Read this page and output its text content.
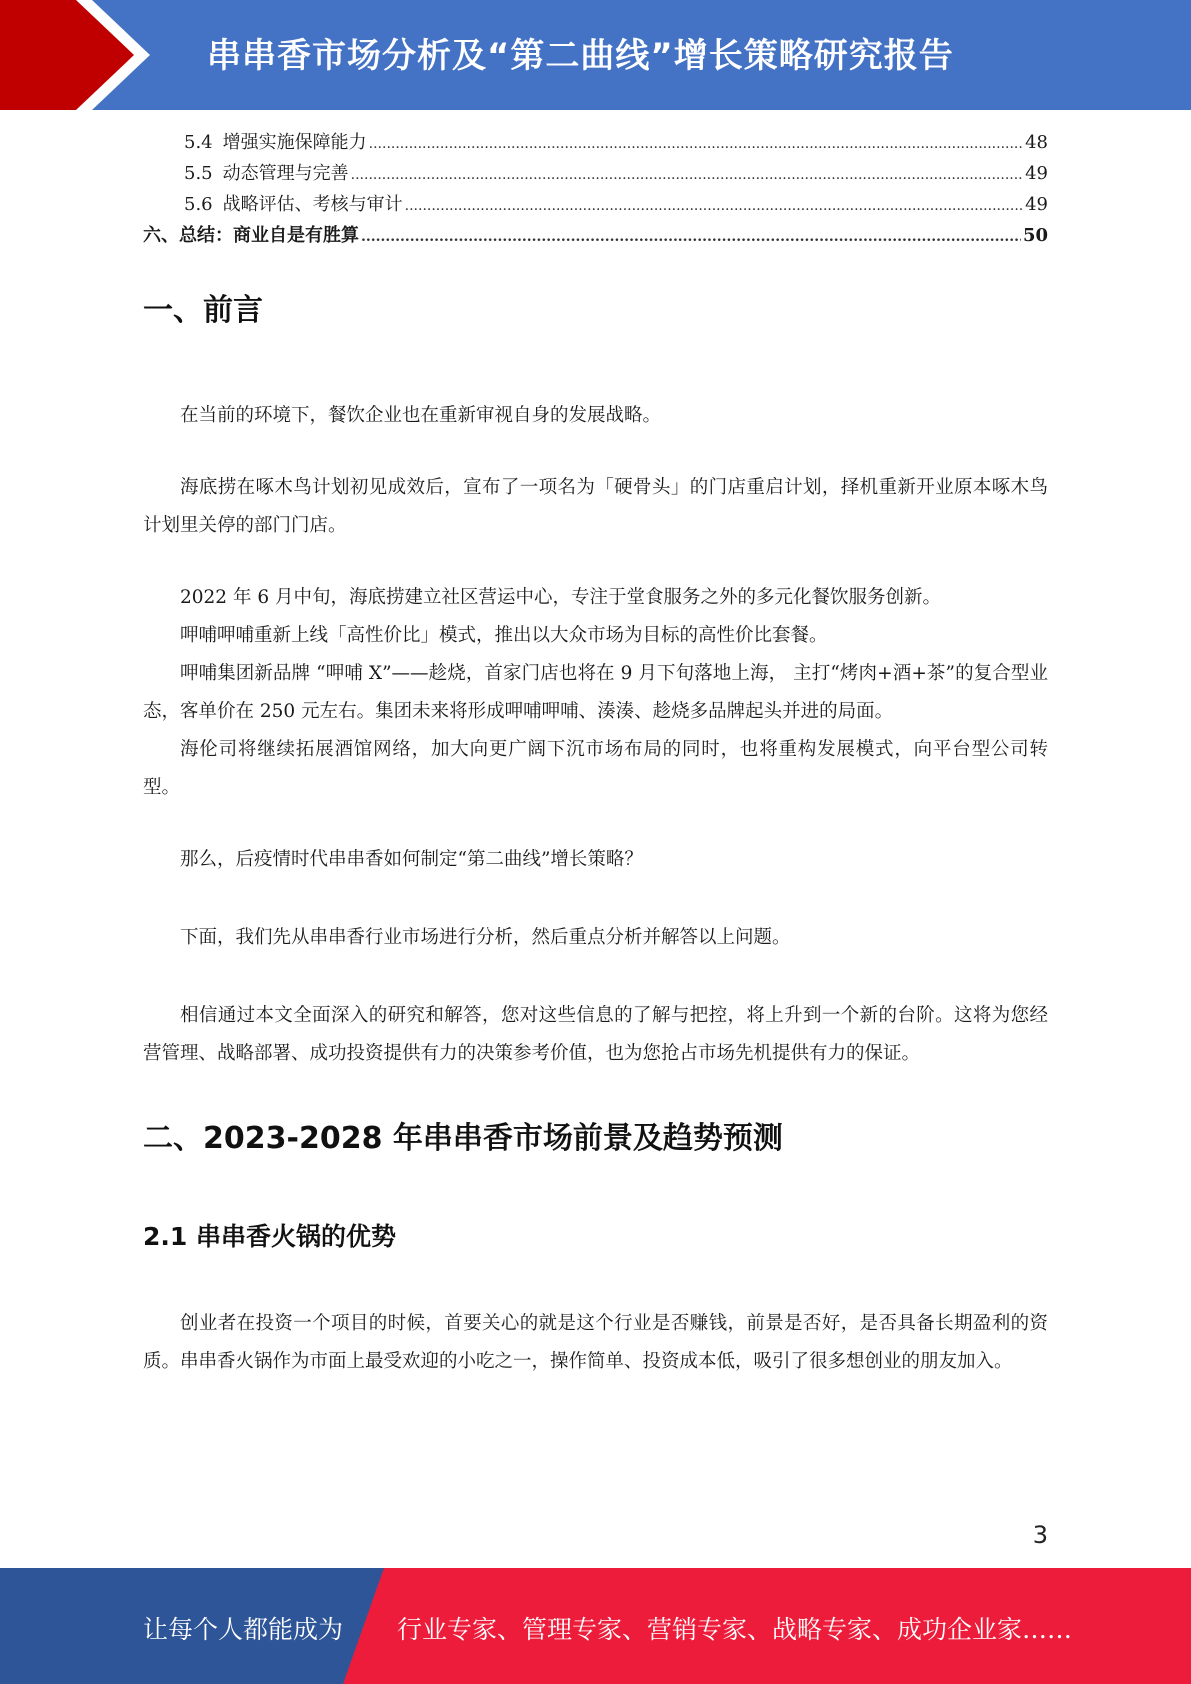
串串香市场分析及“第二曲线”增长策略研究报告
5.4 增强实施保障能力 .....	48
5.5 动态管理与完善 .....	49
5.6 战略评估、考核与审计 .....	49
六、总结：商业自是有胜算 .....	50
一、前言

在当前的环境下，餐饮企业也在重新审视自身的发展战略。

海底捞在啄木鸟计划初见成效后，宣布了一项名为「硬骨头」的门店重启计划，择机重新开业原本啄木鸟计划里关停的部门门店。

2022 年 6 月中旬，海底捞建立社区营运中心，专注于堂食服务之外的多元化餐饮服务创新。

呷哺呷哺重新上线「高性价比」模式，推出以大众市场为目标的高性价比套餐。

呷哺集团新品牌 “呷哺 X”——趁烧，首家门店也将在 9 月下旬落地上海， 主打“烤肉+酒+茶”的复合型业态，客单价在 250 元左右。集团未来将形成呷哺呷哺、湊湊、趁烧多品牌起头并进的局面。

海伦司将继续拓展酒馆网络，加大向更广阔下沉市场布局的同时，也将重构发展模式，向平台型公司转型。

那么，后疫情时代串串香如何制定“第二曲线”增长策略？

下面，我们先从串串香行业市场进行分析，然后重点分析并解答以上问题。

相信通过本文全面深入的研究和解答，您对这些信息的了解与把控，将上升到一个新的台阶。这将为您经营管理、战略部署、成功投资提供有力的决策参考价值，也为您抢占市场先机提供有力的保证。

二、2023-2028 年串串香市场前景及趋势预测
2.1 串串香火锅的优势

创业者在投资一个项目的时候，首要关心的就是这个行业是否赚钱，前景是否好，是否具备长期盈利的资质。串串香火锅作为市面上最受欢迎的小吃之一，操作简单、投资成本低，吸引了很多想创业的朋友加入。

3
让每个人都能成为 行业专家、管理专家、营销专家、战略专家、成功企业家……
